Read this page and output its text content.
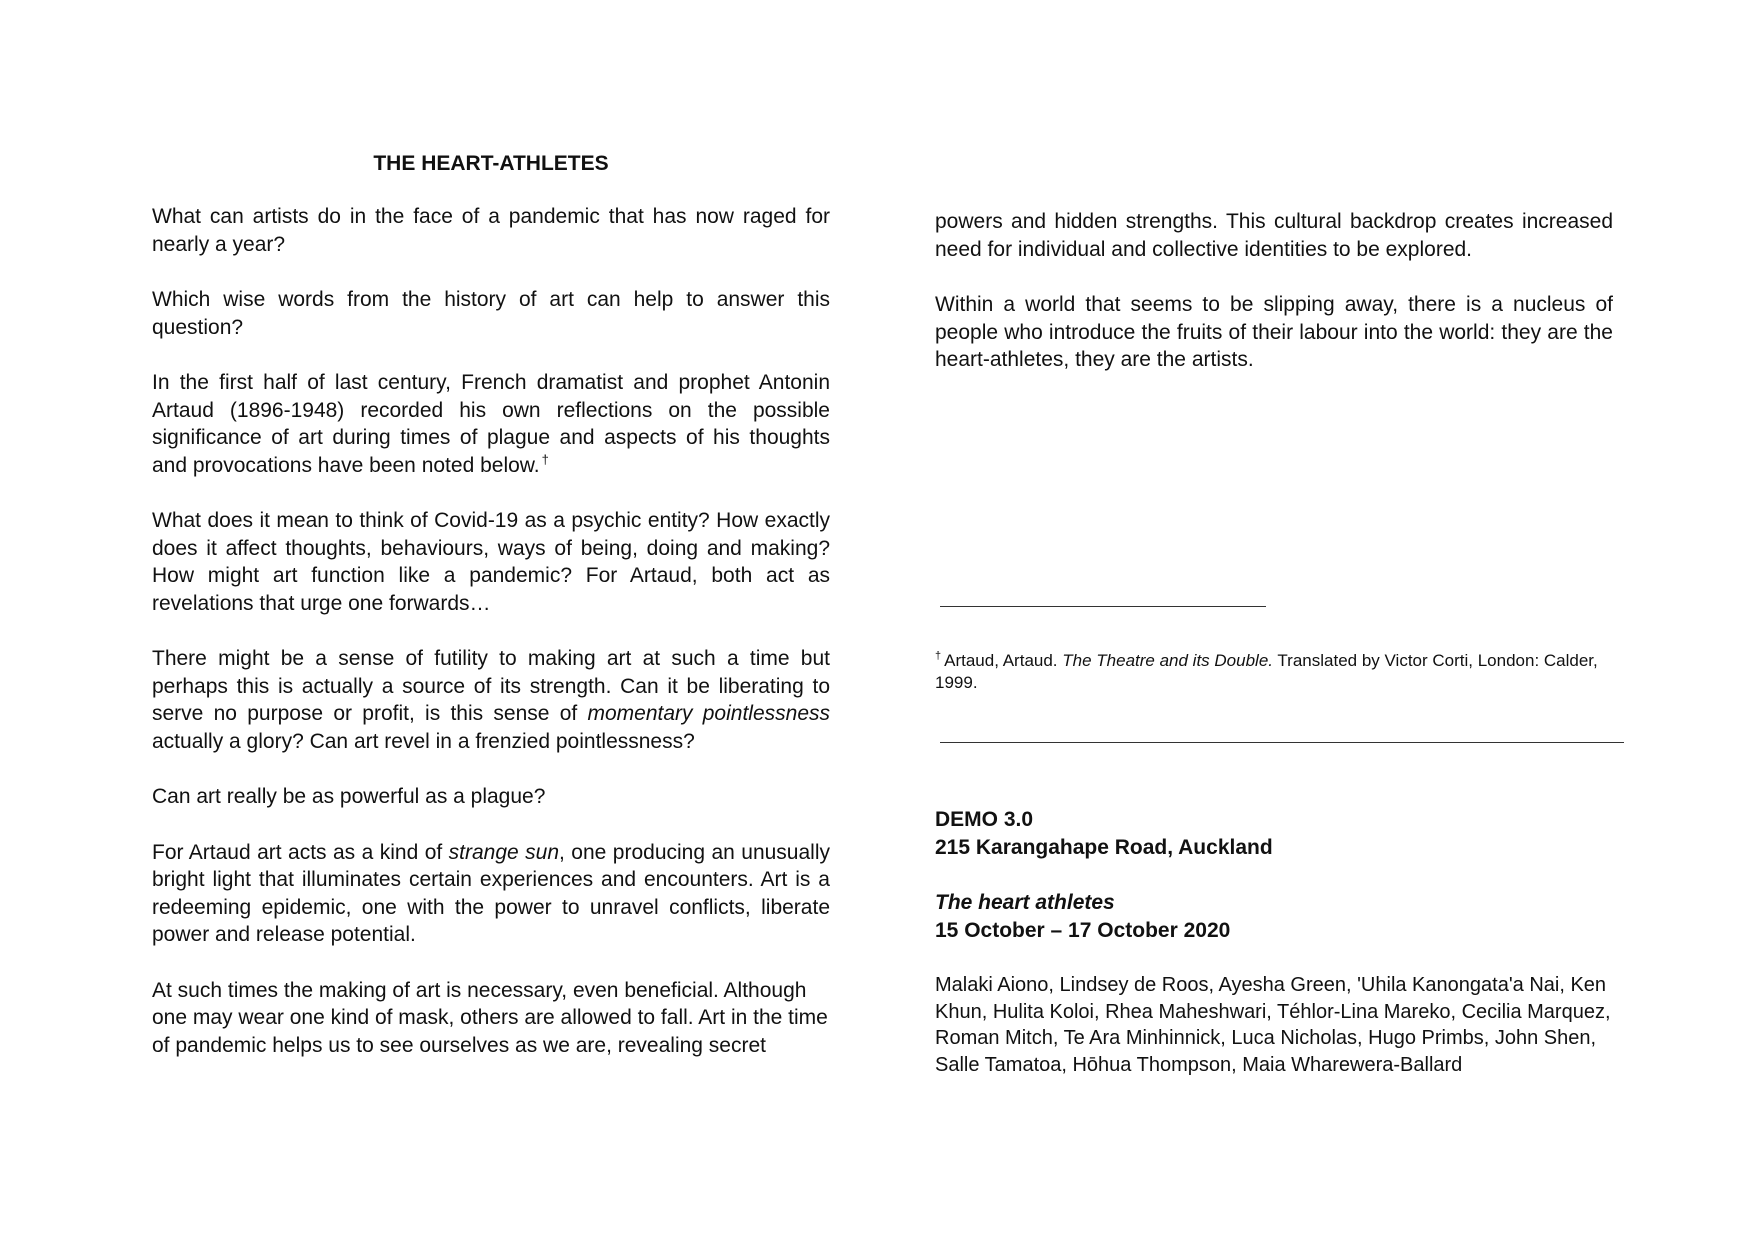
THE HEART-ATHLETES

What can artists do in the face of a pandemic that has now raged for nearly a year?

Which wise words from the history of art can help to answer this question?

In the first half of last century, French dramatist and prophet Antonin Artaud (1896-1948) recorded his own reflections on the possible significance of art during times of plague and aspects of his thoughts and provocations have been noted below. †

What does it mean to think of Covid-19 as a psychic entity? How exactly does it affect thoughts, behaviours, ways of being, doing and making? How might art function like a pandemic? For Artaud, both act as revelations that urge one forwards…

There might be a sense of futility to making art at such a time but perhaps this is actually a source of its strength. Can it be liberating to serve no purpose or profit, is this sense of momentary pointlessness actually a glory? Can art revel in a frenzied pointlessness?

Can art really be as powerful as a plague?

For Artaud art acts as a kind of strange sun, one producing an unusually bright light that illuminates certain experiences and encounters. Art is a redeeming epidemic, one with the power to unravel conflicts, liberate power and release potential.

At such times the making of art is necessary, even beneficial. Although one may wear one kind of mask, others are allowed to fall. Art in the time of pandemic helps us to see ourselves as we are, revealing secret

powers and hidden strengths. This cultural backdrop creates increased need for individual and collective identities to be explored.

Within a world that seems to be slipping away, there is a nucleus of people who introduce the fruits of their labour into the world: they are the heart-athletes, they are the artists.

† Artaud, Artaud. The Theatre and its Double. Translated by Victor Corti, London: Calder, 1999.
DEMO 3.0
215 Karangahape Road, Auckland
The heart athletes
15 October – 17 October 2020

Malaki Aiono, Lindsey de Roos, Ayesha Green, 'Uhila Kanongata'a Nai, Ken Khun, Hulita Koloi, Rhea Maheshwari, Téhlor-Lina Mareko, Cecilia Marquez, Roman Mitch, Te Ara Minhinnick, Luca Nicholas, Hugo Primbs, John Shen, Salle Tamatoa, Hōhua Thompson, Maia Wharewera-Ballard
